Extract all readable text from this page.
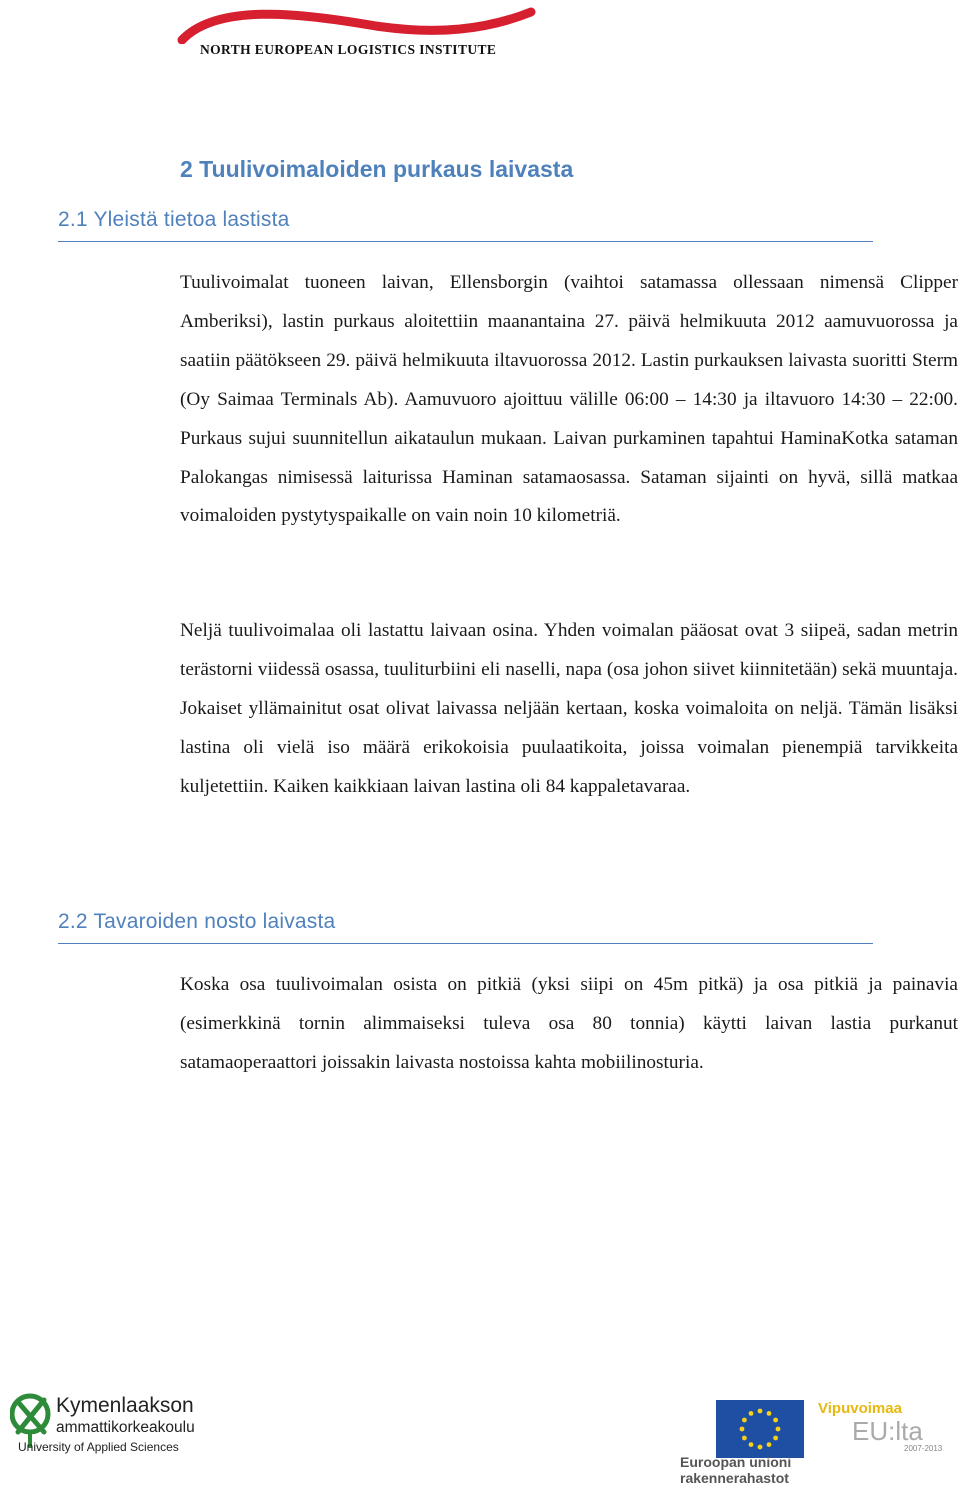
NORTH EUROPEAN LOGISTICS INSTITUTE
2 Tuulivoimaloiden purkaus laivasta
2.1 Yleistä tietoa lastista

Tuulivoimalat tuoneen laivan, Ellensborgin (vaihtoi satamassa ollessaan nimensä Clipper Amberiksi), lastin purkaus aloitettiin maanantaina 27. päivä helmikuuta 2012 aamuvuorossa ja saatiin päätökseen 29. päivä helmikuuta iltavuorossa 2012. Lastin purkauksen laivasta suoritti Sterm (Oy Saimaa Terminals Ab). Aamuvuoro ajoittuu välille 06:00 – 14:30 ja iltavuoro 14:30 – 22:00. Purkaus sujui suunnitellun aikataulun mukaan. Laivan purkaminen tapahtui HaminaKotka sataman Palokangas nimisessä laiturissa Haminan satamaosassa. Sataman sijainti on hyvä, sillä matkaa voimaloiden pystytyspaikalle on vain noin 10 kilometriä.

Neljä tuulivoimalaa oli lastattu laivaan osina. Yhden voimalan pääosat ovat 3 siipeä, sadan metrin terästorni viidessä osassa, tuuliturbiini eli naselli, napa (osa johon siivet kiinnitetään) sekä muuntaja. Jokaiset yllämainitut osat olivat laivassa neljään kertaan, koska voimaloita on neljä. Tämän lisäksi lastina oli vielä iso määrä erikokoisia puulaatikoita, joissa voimalan pienempiä tarvikkeita kuljetettiin. Kaiken kaikkiaan laivan lastina oli 84 kappaletavaraa.

2.2 Tavaroiden nosto laivasta

Koska osa tuulivoimalan osista on pitkiä (yksi siipi on 45m pitkä) ja osa pitkiä ja painavia (esimerkkinä tornin alimmaiseksi tuleva osa 80 tonnia) käytti laivan lastia purkanut satamaoperaattori joissakin laivasta nostoissa kahta mobiilinosturia.

Kymenlaakson
ammattikorkeakoulu
University of Applied Sciences
Euroopan unioni
rakennerahastot
Vipuvoimaa
EU:lta
2007-2013
